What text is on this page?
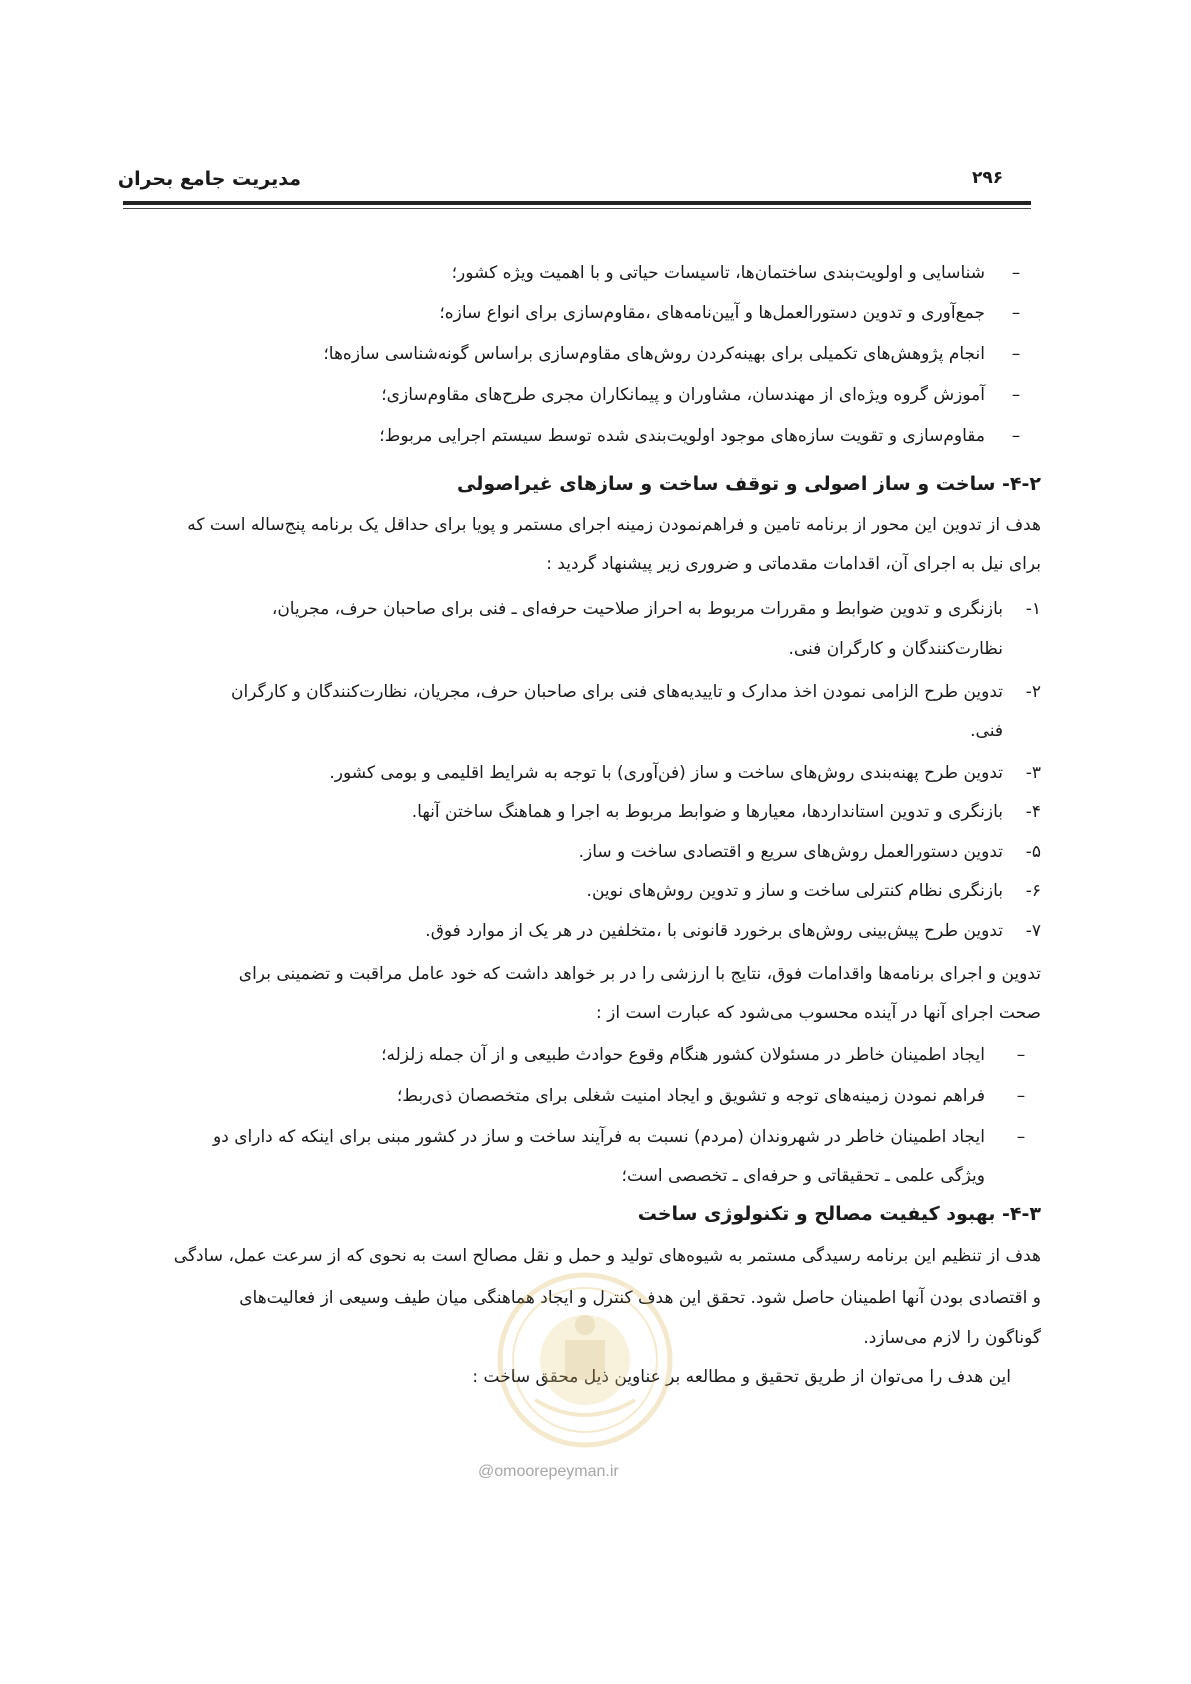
مدیریت جامع بحران	۲۹۶
–
شناسایی و اولویت‌بندی ساختمان‌ها، تاسیسات حیاتی و با اهمیت ویژه کشور؛
–
جمع‌آوری و تدوین دستورالعمل‌ها و آیین‌نامه‌های ،مقاوم‌سازی برای انواع سازه؛
–
انجام پژوهش‌های تکمیلی برای بهینه‌کردن روش‌های مقاوم‌سازی براساس گونه‌شناسی سازه‌ها؛
–
آموزش گروه ویژه‌ای از مهندسان، مشاوران و پیمانکاران مجری طرح‌های مقاوم‌سازی؛
–
مقاوم‌سازی و تقویت سازه‌های موجود اولویت‌بندی شده توسط سیستم اجرایی مربوط؛
۴-۲- ساخت و ساز اصولی و توقف ساخت و سازهای غیراصولی
هدف از تدوین این محور از برنامه تامین و فراهم‌نمودن زمینه اجرای مستمر و پویا برای حداقل یک برنامه پنج‌ساله است که
برای نیل به اجرای آن، اقدامات مقدماتی و ضروری زیر پیشنهاد گردید :
۱-
بازنگری و تدوین ضوابط و مقررات مربوط به احراز صلاحیت حرفه‌ای ـ فنی برای صاحبان حرف، مجریان،
نظارت‌کنندگان و کارگران فنی.
۲-
تدوین طرح الزامی نمودن اخذ مدارک و تاییدیه‌های فنی برای صاحبان حرف، مجریان، نظارت‌کنندگان و کارگران
فنی.
۳-
تدوین طرح پهنه‌بندی روش‌های ساخت و ساز (فن‌آوری) با توجه به شرایط اقلیمی و بومی کشور.
۴-
بازنگری و تدوین استانداردها، معیارها و ضوابط مربوط به اجرا و هماهنگ ساختن آنها.
۵-
تدوین دستورالعمل روش‌های سریع و اقتصادی ساخت و ساز.
۶-
بازنگری نظام کنترلی ساخت و ساز و تدوین روش‌های نوین.
۷-
تدوین طرح پیش‌بینی روش‌های برخورد قانونی با ،متخلفین در هر یک از موارد فوق.
تدوین و اجرای برنامه‌ها واقدامات فوق، نتایج با ارزشی را در بر خواهد داشت که خود عامل مراقبت و تضمینی برای
صحت اجرای آنها در آینده محسوب می‌شود که عبارت است از :
–
ایجاد اطمینان خاطر در مسئولان کشور هنگام وقوع حوادث طبیعی و از آن جمله زلزله؛
–
فراهم نمودن زمینه‌های توجه و تشویق و ایجاد امنیت شغلی برای متخصصان ذی‌ربط؛
–
ایجاد اطمینان خاطر در شهروندان (مردم) نسبت به فرآیند ساخت و ساز در کشور مبنی برای اینکه که دارای دو
ویژگی علمی ـ تحقیقاتی و حرفه‌ای ـ تخصصی است؛
۴-۳- بهبود کیفیت مصالح و تکنولوژی ساخت
هدف از تنظیم این برنامه رسیدگی مستمر به شیوه‌های تولید و حمل و نقل مصالح است به نحوی که از سرعت عمل، سادگی
و اقتصادی بودن آنها اطمینان حاصل شود. تحقق این هدف کنترل و ایجاد هماهنگی میان طیف وسیعی از فعالیت‌های
گوناگون را لازم می‌سازد.
این هدف را می‌توان از طریق تحقیق و مطالعه بر عناوین ذیل محقق ساخت :
@omoorepeyman.ir
